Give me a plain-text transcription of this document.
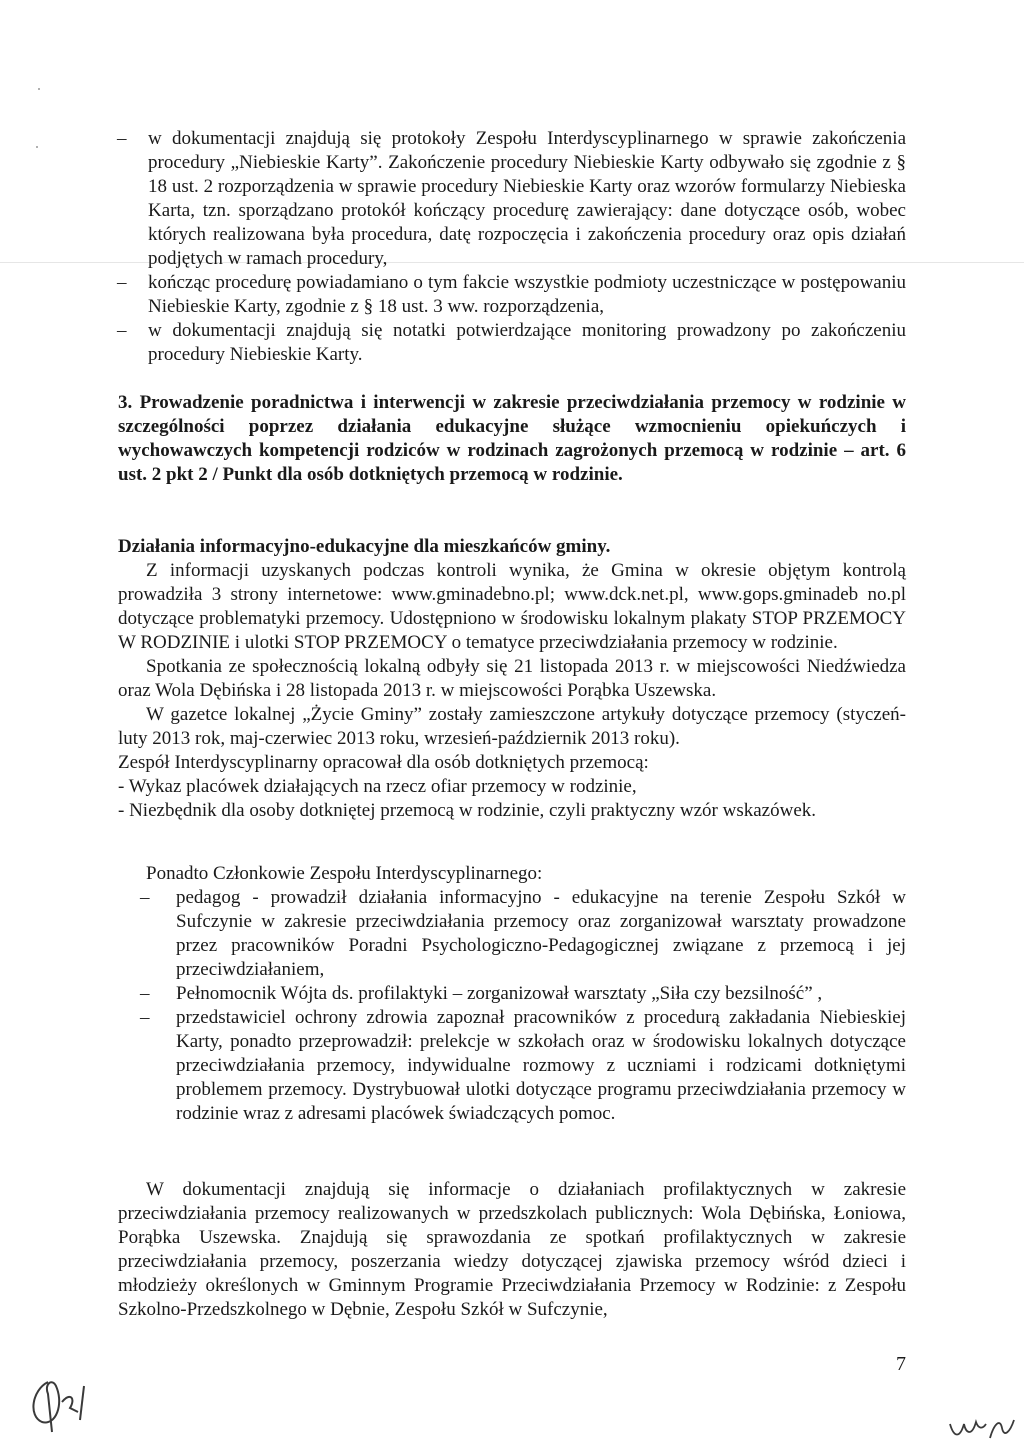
– w dokumentacji znajdują się protokoły Zespołu Interdyscyplinarnego w sprawie zakończenia procedury „Niebieskie Karty”. Zakończenie procedury Niebieskie Karty odbywało się zgodnie z § 18 ust. 2 rozporządzenia w sprawie procedury Niebieskie Karty oraz wzorów formularzy Niebieska Karta, tzn. sporządzano protokół kończący procedurę zawierający: dane dotyczące osób, wobec których realizowana była procedura, datę rozpoczęcia i zakończenia procedury oraz opis działań podjętych w ramach procedury,
– kończąc procedurę powiadamiano o tym fakcie wszystkie podmioty uczestniczące w postępowaniu Niebieskie Karty, zgodnie z § 18 ust. 3 ww. rozporządzenia,
– w dokumentacji znajdują się notatki potwierdzające monitoring prowadzony po zakończeniu procedury Niebieskie Karty.

3. Prowadzenie poradnictwa i interwencji w zakresie przeciwdziałania przemocy w rodzinie w szczególności poprzez działania edukacyjne służące wzmocnieniu opiekuńczych i wychowawczych kompetencji rodziców w rodzinach zagrożonych przemocą w rodzinie – art. 6 ust. 2 pkt 2 / Punkt dla osób dotkniętych przemocą w rodzinie.

Działania informacyjno-edukacyjne dla mieszkańców gminy.

Z informacji uzyskanych podczas kontroli wynika, że Gmina w okresie objętym kontrolą prowadziła 3 strony internetowe: www.gminadebno.pl; www.dck.net.pl, www.gops.gminadeb no.pl dotyczące problematyki przemocy. Udostępniono w środowisku lokalnym plakaty STOP PRZEMOCY W RODZINIE i ulotki STOP PRZEMOCY o tematyce przeciwdziałania przemocy w rodzinie.

Spotkania ze społecznością lokalną odbyły się 21 listopada 2013 r. w miejscowości Niedźwiedza oraz Wola Dębińska i 28 listopada 2013 r. w miejscowości Porąbka Uszewska.

W gazetce lokalnej „Życie Gminy” zostały zamieszczone artykuły dotyczące przemocy (styczeń-luty 2013 rok, maj-czerwiec 2013 roku, wrzesień-październik 2013 roku).

Zespół Interdyscyplinarny opracował dla osób dotkniętych przemocą:

- Wykaz placówek działających na rzecz ofiar przemocy w rodzinie,

- Niezbędnik dla osoby dotkniętej przemocą w rodzinie, czyli praktyczny wzór wskazówek.

Ponadto Członkowie Zespołu Interdyscyplinarnego:

– pedagog - prowadził działania informacyjno - edukacyjne na terenie Zespołu Szkół w Sufczynie w zakresie przeciwdziałania przemocy oraz zorganizował warsztaty prowadzone przez pracowników Poradni Psychologiczno-Pedagogicznej związane z przemocą i jej przeciwdziałaniem,
– Pełnomocnik Wójta ds. profilaktyki – zorganizował warsztaty „Siła czy bezsilność” ,
– przedstawiciel ochrony zdrowia zapoznał pracowników z procedurą zakładania Niebieskiej Karty, ponadto przeprowadził: prelekcje w szkołach oraz w środowisku lokalnych dotyczące przeciwdziałania przemocy, indywidualne rozmowy z uczniami i rodzicami dotkniętymi problemem przemocy. Dystrybuował ulotki dotyczące programu przeciwdziałania przemocy w rodzinie wraz z adresami placówek świadczących pomoc.

W dokumentacji znajdują się informacje o działaniach profilaktycznych w zakresie przeciwdziałania przemocy realizowanych w przedszkolach publicznych: Wola Dębińska, Łoniowa, Porąbka Uszewska. Znajdują się sprawozdania ze spotkań profilaktycznych w zakresie przeciwdziałania przemocy, poszerzania wiedzy dotyczącej zjawiska przemocy wśród dzieci i młodzieży określonych w Gminnym Programie Przeciwdziałania Przemocy w Rodzinie: z Zespołu Szkolno-Przedszkolnego w Dębnie, Zespołu Szkół w Sufczynie,

7
